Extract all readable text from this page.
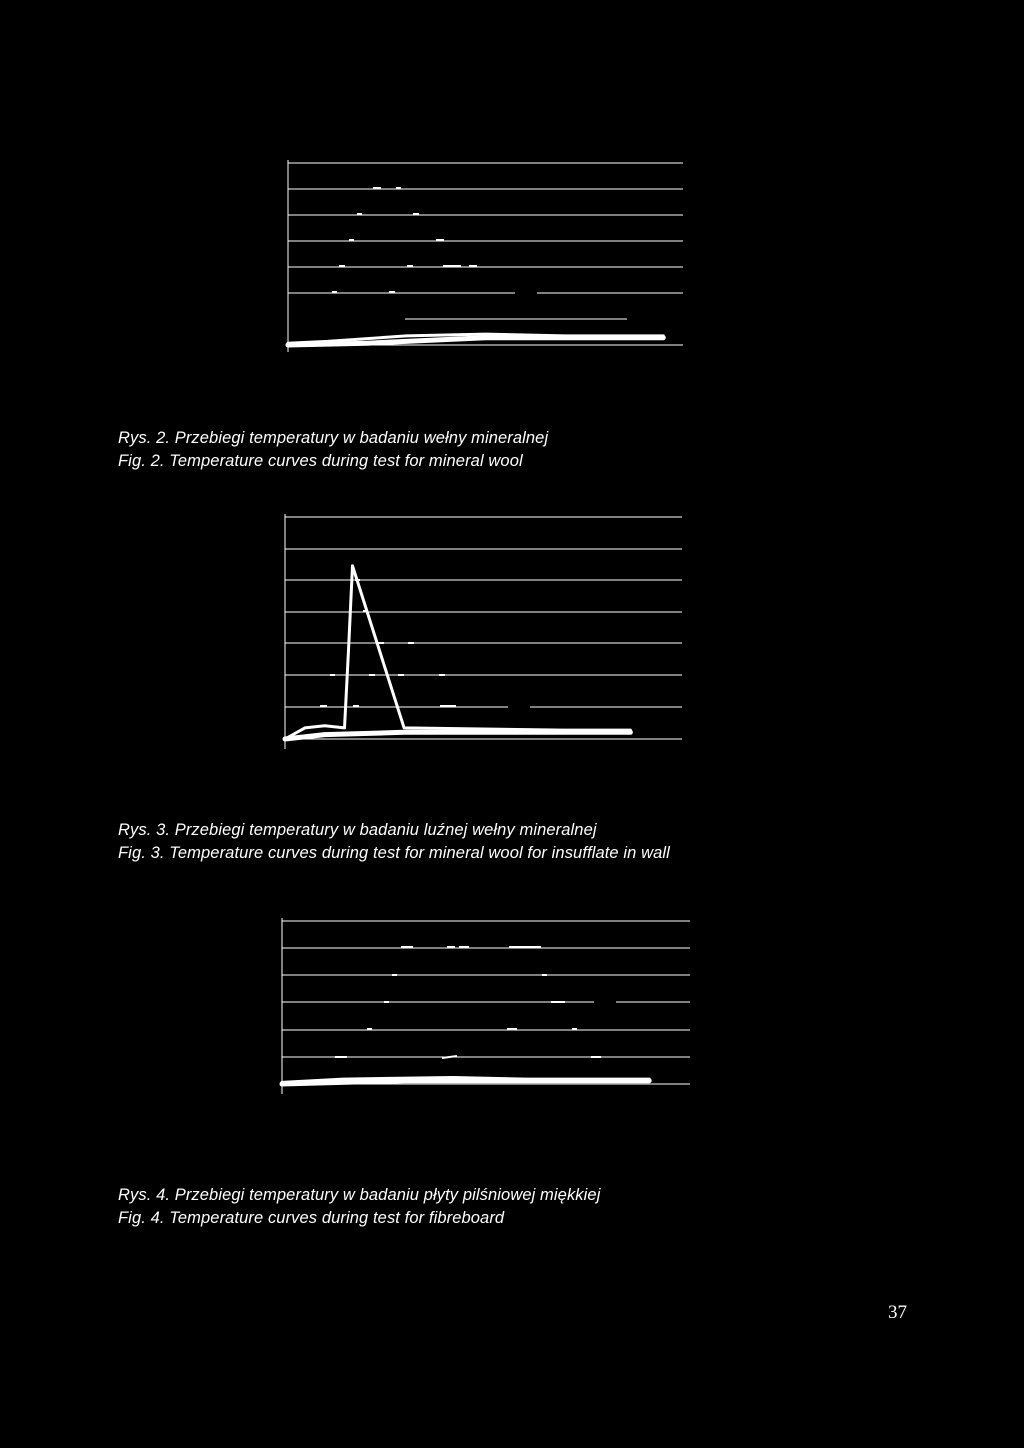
Rys. 2. Przebiegi temperatury w badaniu wełny mineralnej
Fig. 2. Temperature curves during test for mineral wool
Rys. 3. Przebiegi temperatury w badaniu luźnej wełny mineralnej
Fig. 3. Temperature curves during test for mineral wool for insufflate in wall
Rys. 4. Przebiegi temperatury w badaniu płyty pilśniowej miękkiej
Fig. 4. Temperature curves during test for fibreboard
37
